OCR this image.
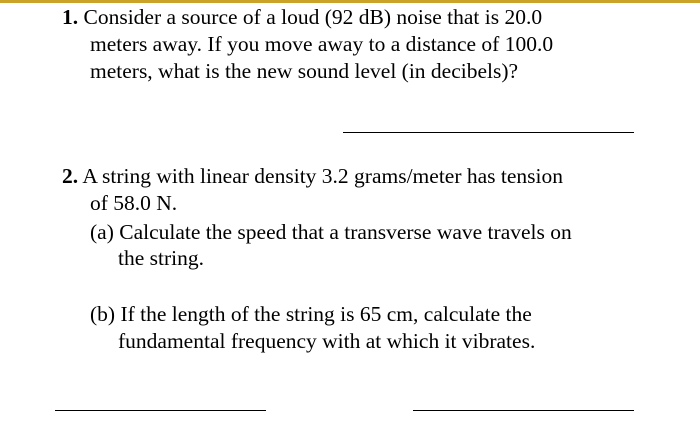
1. Consider a source of a loud (92 dB) noise that is 20.0
meters away. If you move away to a distance of 100.0
meters, what is the new sound level (in decibels)?
2. A string with linear density 3.2 grams/meter has tension
of 58.0 N.
(a) Calculate the speed that a transverse wave travels on
the string.
(b) If the length of the string is 65 cm, calculate the
fundamental frequency with at which it vibrates.
